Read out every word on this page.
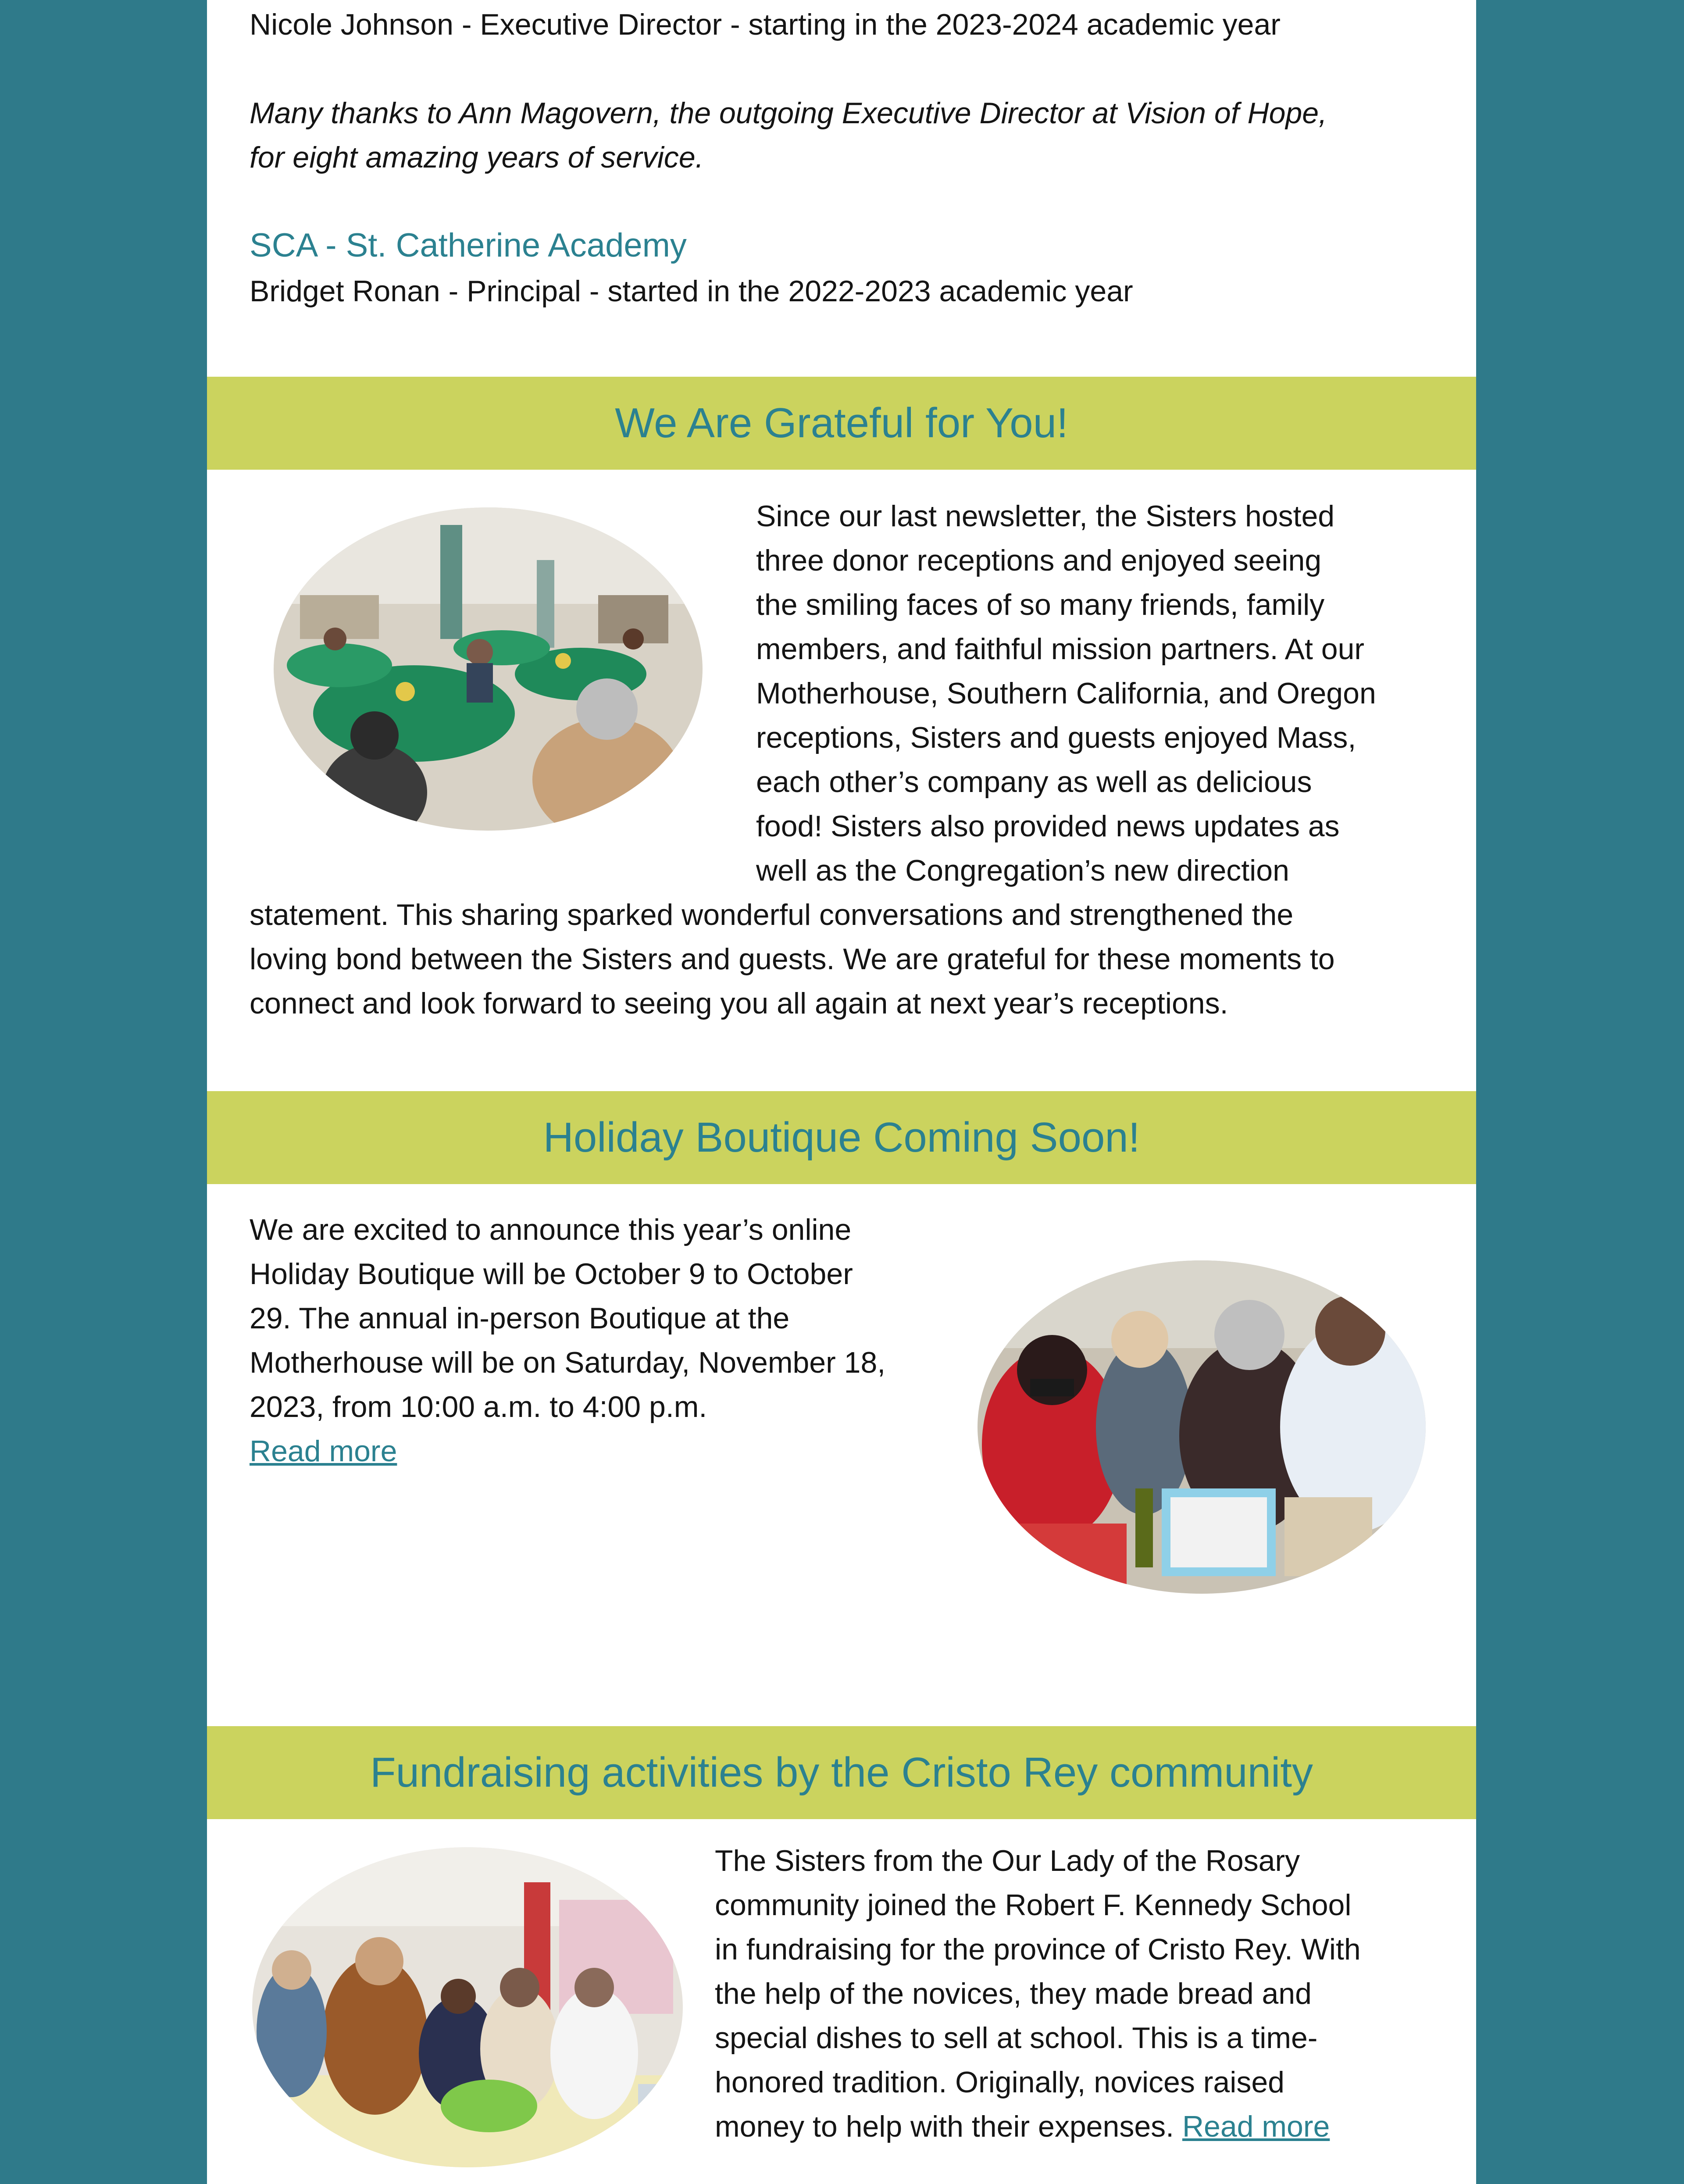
Nicole Johnson - Executive Director - starting in the 2023-2024 academic year
Many thanks to Ann Magovern, the outgoing Executive Director at Vision of Hope,
for eight amazing years of service.
SCA - St. Catherine Academy
Bridget Ronan - Principal - started in the 2022-2023 academic year
We Are Grateful for You!

Since our last newsletter, the Sisters hosted

three donor receptions and enjoyed seeing

the smiling faces of so many friends, family

members, and faithful mission partners. At our

Motherhouse, Southern California, and Oregon

receptions, Sisters and guests enjoyed Mass,

each other’s company as well as delicious

food! Sisters also provided news updates as

well as the Congregation’s new direction

statement. This sharing sparked wonderful conversations and strengthened the

loving bond between the Sisters and guests. We are grateful for these moments to

connect and look forward to seeing you all again at next year’s receptions.

Holiday Boutique Coming Soon!

We are excited to announce this year’s online

Holiday Boutique will be October 9 to October

29. The annual in-person Boutique at the

Motherhouse will be on Saturday, November 18,

2023, from 10:00 a.m. to 4:00 p.m.

Read more

Fundraising activities by the Cristo Rey community

The Sisters from the Our Lady of the Rosary

community joined the Robert F. Kennedy School

in fundraising for the province of Cristo Rey. With

the help of the novices, they made bread and

special dishes to sell at school. This is a time-

honored tradition. Originally, novices raised

money to help with their expenses. Read more
